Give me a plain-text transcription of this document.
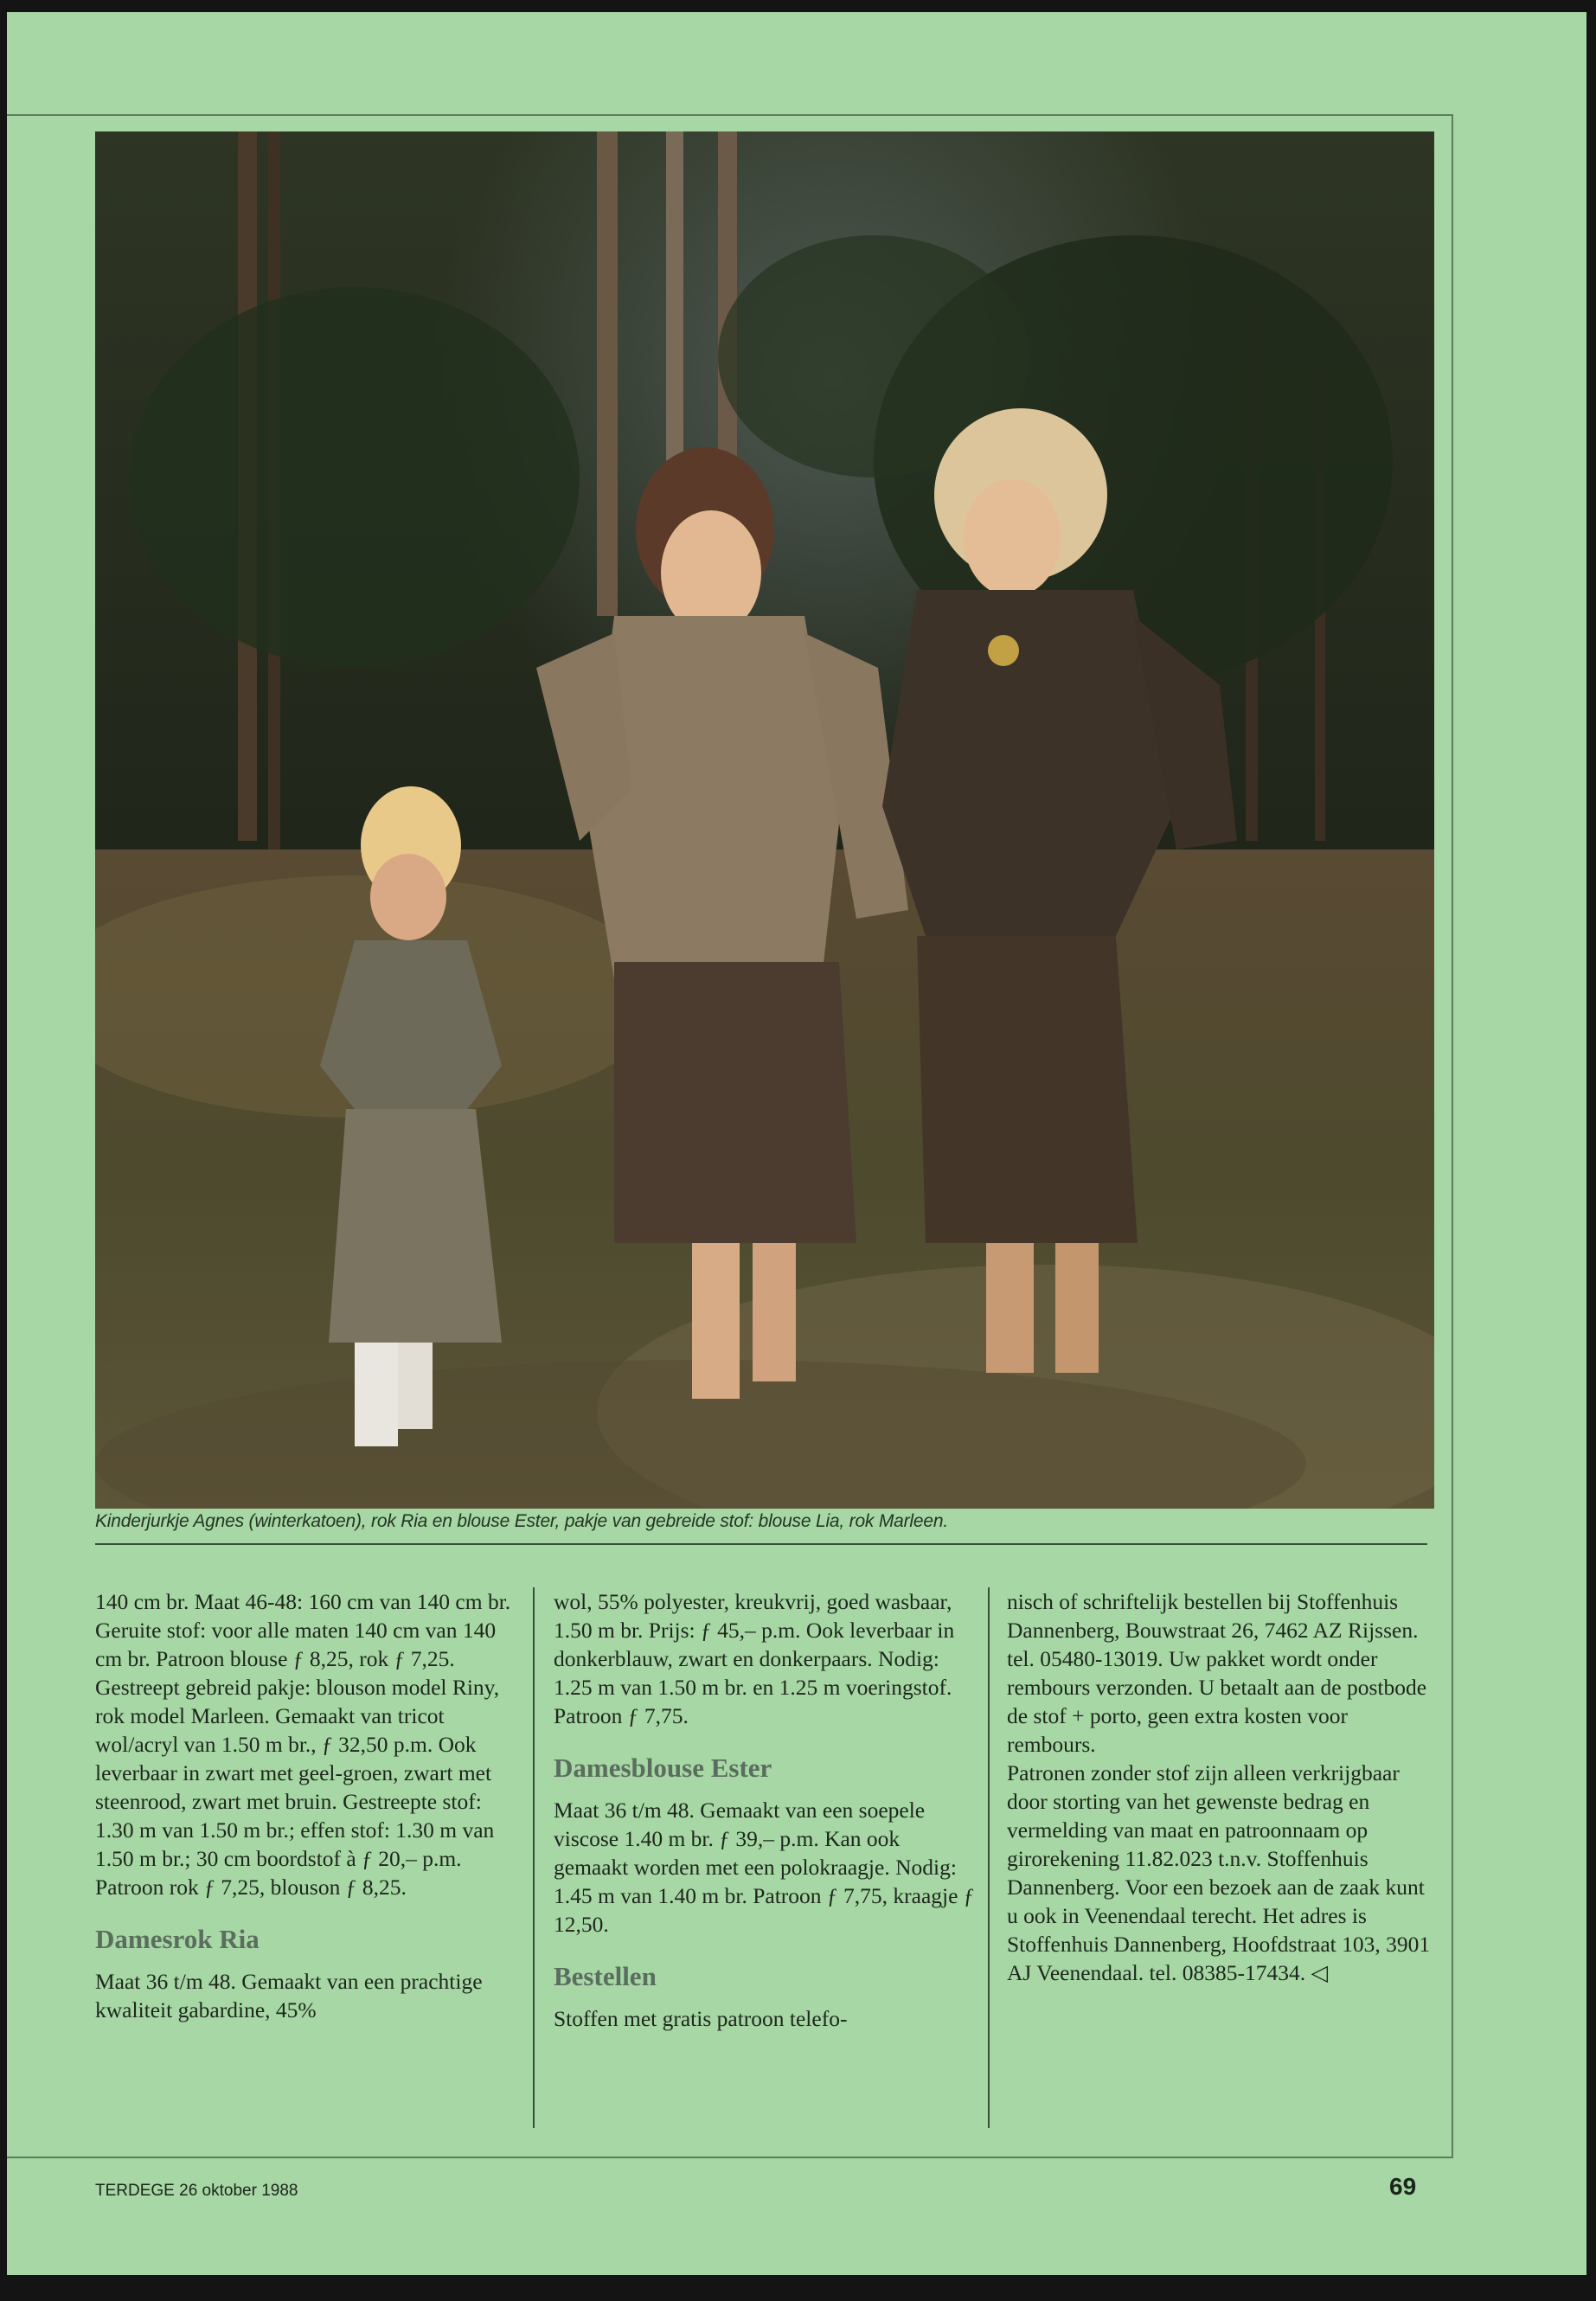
Kinderjurkje Agnes (winterkatoen), rok Ria en blouse Ester, pakje van gebreide stof: blouse Lia, rok Marleen.

140 cm br. Maat 46-48: 160 cm van 140 cm br. Geruite stof: voor alle maten 140 cm van 140 cm br. Patroon blouse ƒ 8,25, rok ƒ 7,25. Gestreept gebreid pakje: blouson model Riny, rok model Marleen. Gemaakt van tricot wol/acryl van 1.50 m br., ƒ 32,50 p.m. Ook leverbaar in zwart met geel-groen, zwart met steenrood, zwart met bruin. Gestreepte stof: 1.30 m van 1.50 m br.; effen stof: 1.30 m van 1.50 m br.; 30 cm boordstof à ƒ 20,– p.m. Patroon rok ƒ 7,25, blouson ƒ 8,25.

Damesrok Ria

Maat 36 t/m 48. Gemaakt van een prachtige kwaliteit gabardine, 45%

wol, 55% polyester, kreukvrij, goed wasbaar, 1.50 m br. Prijs: ƒ 45,– p.m. Ook leverbaar in donkerblauw, zwart en donkerpaars. Nodig: 1.25 m van 1.50 m br. en 1.25 m voeringstof. Patroon ƒ 7,75.

Damesblouse Ester

Maat 36 t/m 48. Gemaakt van een soepele viscose 1.40 m br. ƒ 39,– p.m. Kan ook gemaakt worden met een polokraagje. Nodig: 1.45 m van 1.40 m br. Patroon ƒ 7,75, kraagje ƒ 12,50.

Bestellen

Stoffen met gratis patroon telefo-

nisch of schriftelijk bestellen bij Stoffenhuis Dannenberg, Bouwstraat 26, 7462 AZ Rijssen. tel. 05480-13019. Uw pakket wordt onder rembours verzonden. U betaalt aan de postbode de stof + porto, geen extra kosten voor rembours.

Patronen zonder stof zijn alleen verkrijgbaar door storting van het gewenste bedrag en vermelding van maat en patroonnaam op girorekening 11.82.023 t.n.v. Stoffenhuis Dannenberg. Voor een bezoek aan de zaak kunt u ook in Veenendaal terecht. Het adres is Stoffenhuis Dannenberg, Hoofdstraat 103, 3901 AJ Veenendaal. tel. 08385-17434. ◁

TERDEGE 26 oktober 1988	69
